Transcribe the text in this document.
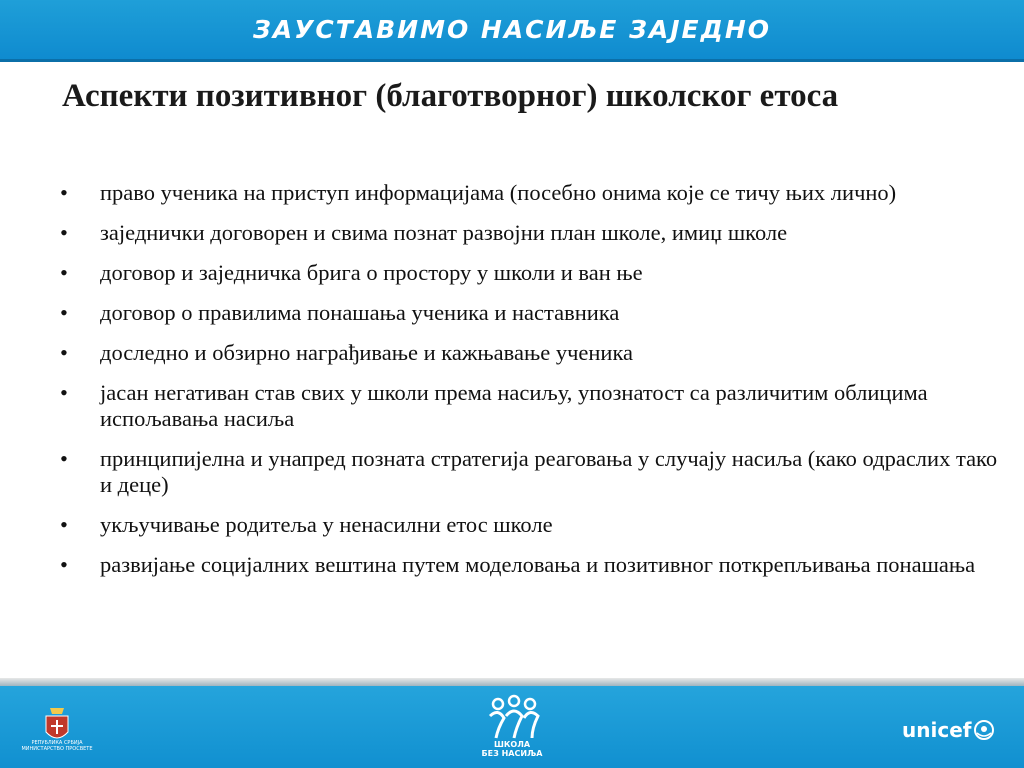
ЗАУСТАВИМО НАСИЉЕ ЗАЈЕДНО
Аспекти позитивног (благотворног) школског етоса
•	право ученика на приступ информацијама (посебно онима које се тичу њих лично)
•	заједнички договорен и свима познат развојни план школе, имиџ школе
•	договор и заједничка брига о простору у школи и ван ње
•	договор о правилима понашања ученика и наставника
•	доследно и обзирно награђивање и кажњавање ученика
•	јасан негативан став свих у школи према насиљу, упознатост са различитим облицима испољавања насиља
•	принципијелна и унапред позната стратегија реаговања у случају насиља (како одраслих тако и деце)
•	укључивање родитеља у ненасилни етос школе
•	развијање социјалних вештина путем моделовања и позитивног поткрепљивања понашања
РЕПУБЛИКА СРБИЈА МИНИСТАРСТВО ПРОСВЕТЕ	ШКОЛА
БЕЗ НАСИЉА
unicef
